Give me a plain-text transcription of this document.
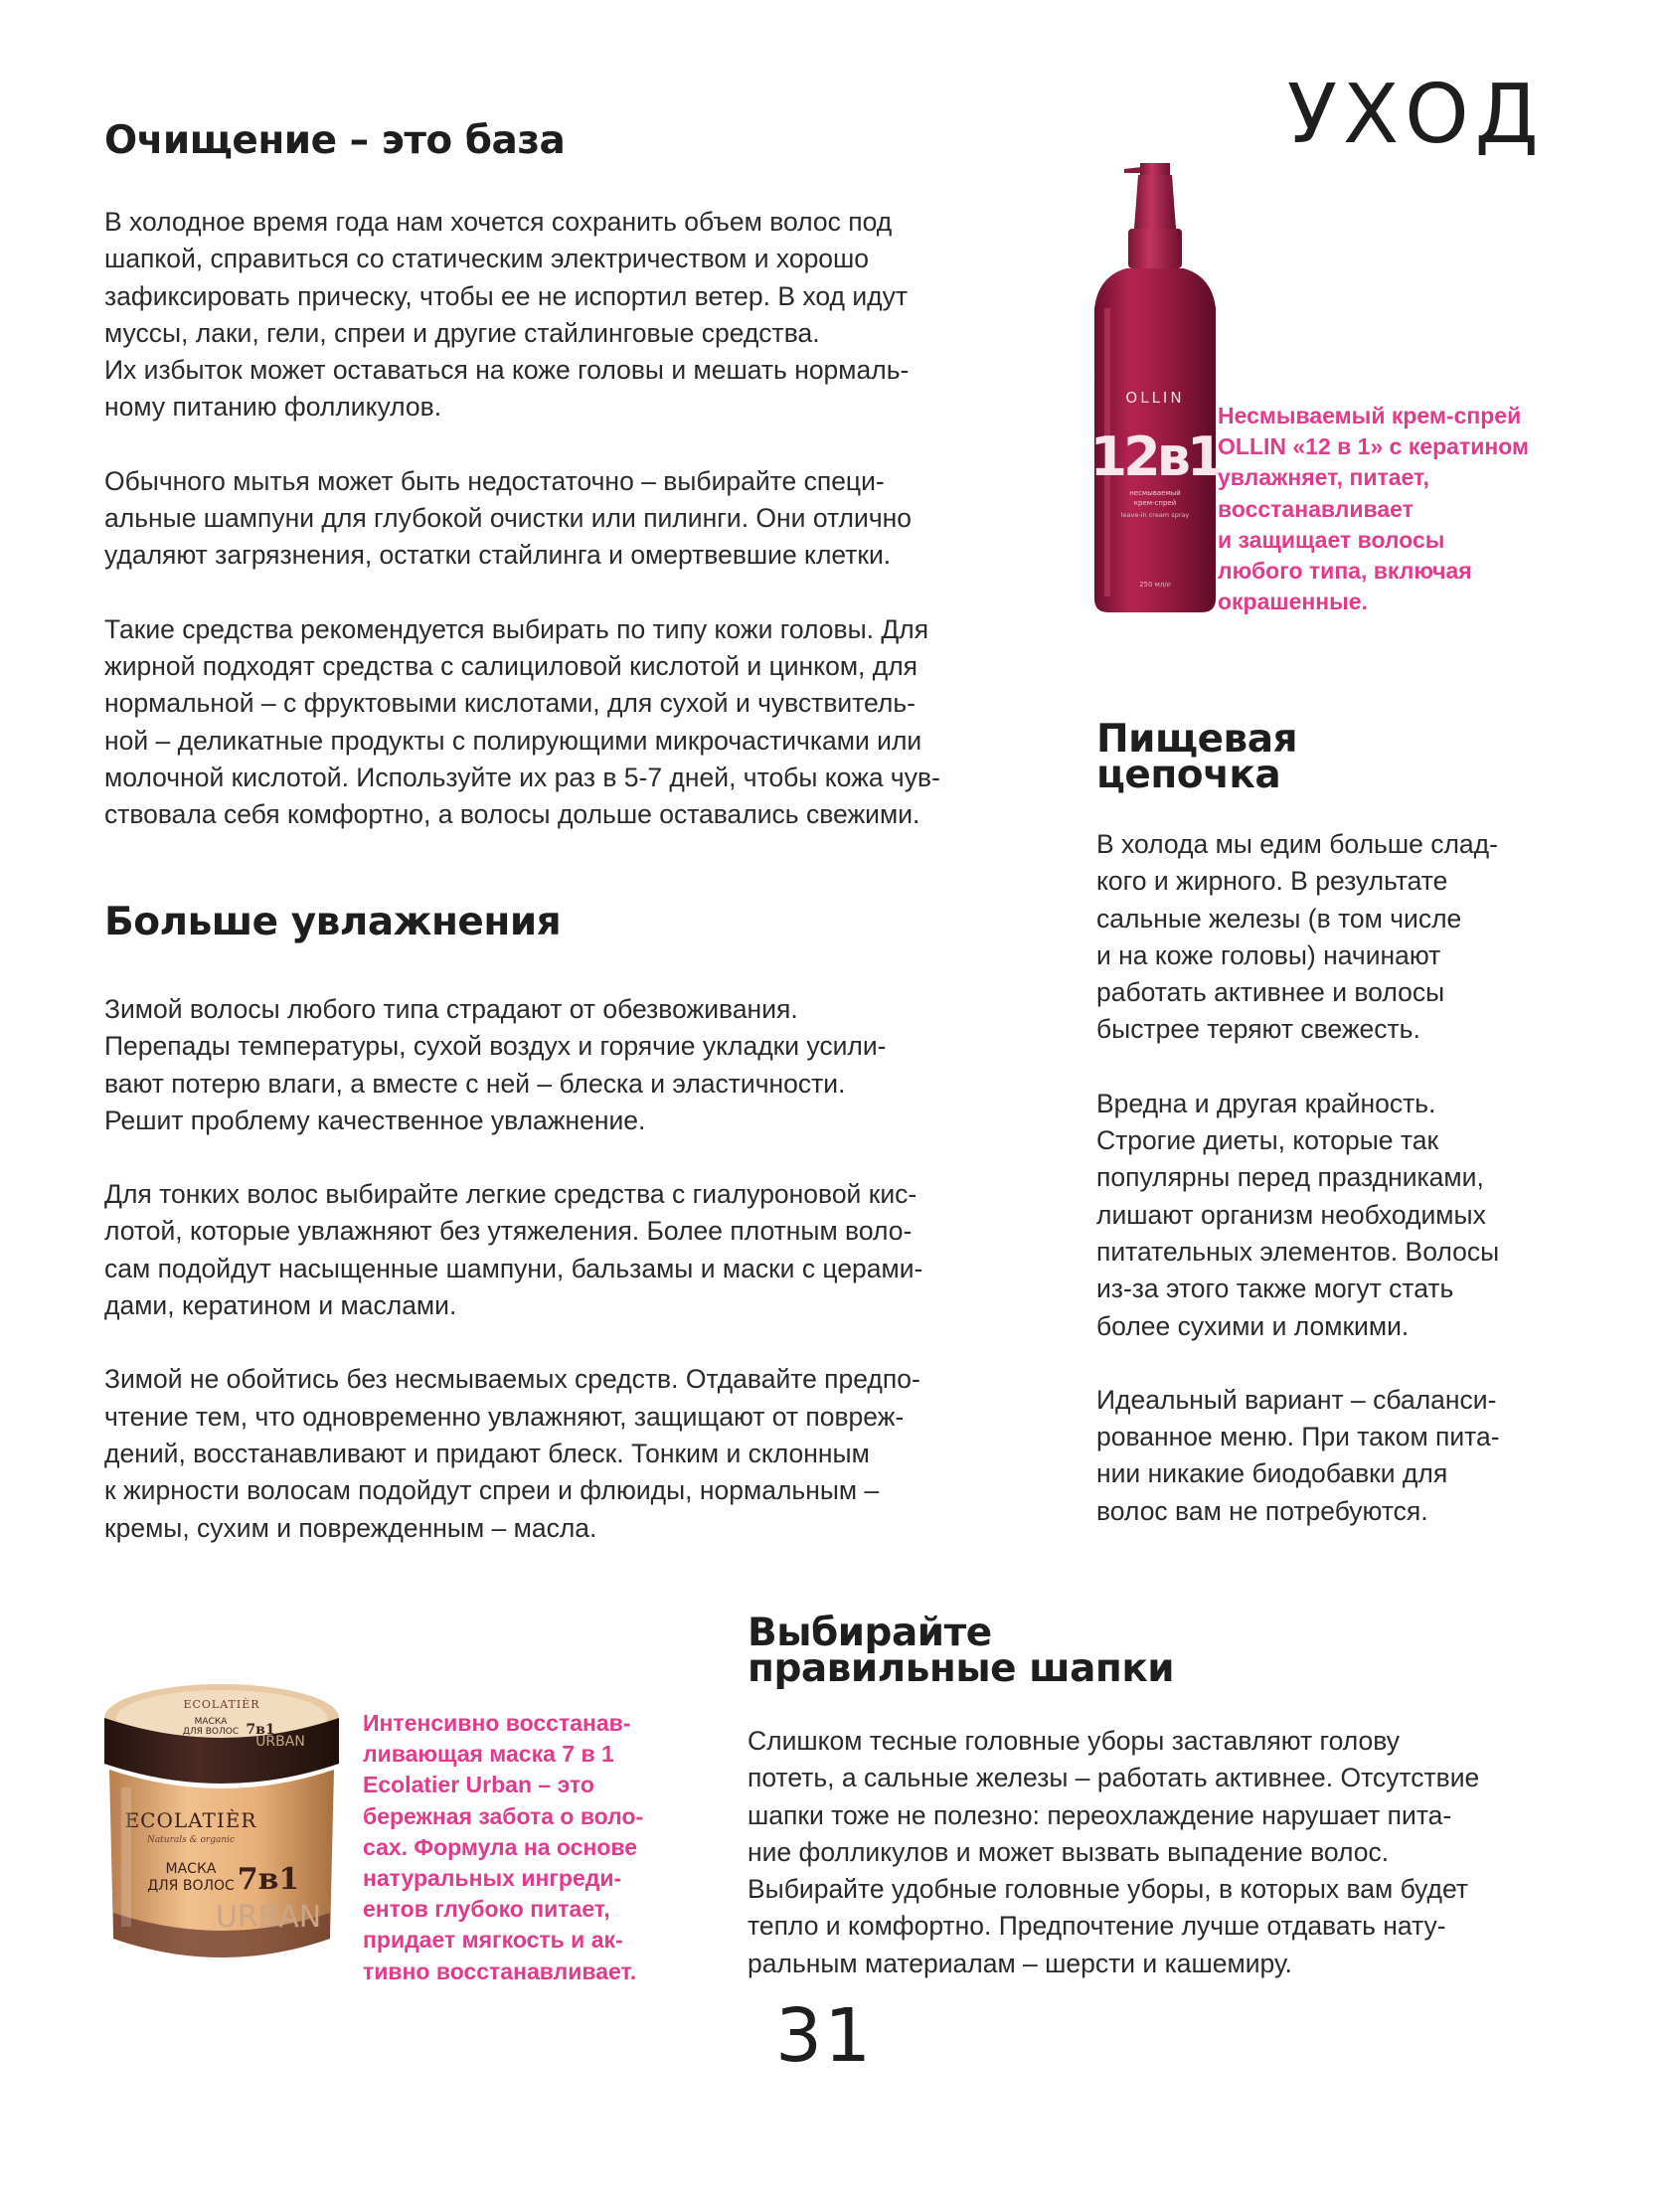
УХОД
Очищение – это база

В холодное время года нам хочется сохранить объем волос под
шапкой, справиться со статическим электричеством и хорошо
зафиксировать прическу, чтобы ее не испортил ветер. В ход идут
муссы, лаки, гели, спреи и другие стайлинговые средства.
Их избыток может оставаться на коже головы и мешать нормаль-
ному питанию фолликулов.

Обычного мытья может быть недостаточно – выбирайте специ-
альные шампуни для глубокой очистки или пилинги. Они отлично
удаляют загрязнения, остатки стайлинга и омертвевшие клетки.

Такие средства рекомендуется выбирать по типу кожи головы. Для
жирной подходят средства с салициловой кислотой и цинком, для
нормальной – с фруктовыми кислотами, для сухой и чувствитель-
ной – деликатные продукты с полирующими микрочастичками или
молочной кислотой. Используйте их раз в 5-7 дней, чтобы кожа чув-
ствовала себя комфортно, а волосы дольше оставались свежими.

Больше увлажнения

Зимой волосы любого типа страдают от обезвоживания.
Перепады температуры, сухой воздух и горячие укладки усили-
вают потерю влаги, а вместе с ней – блеска и эластичности.
Решит проблему качественное увлажнение.

Для тонких волос выбирайте легкие средства с гиалуроновой кис-
лотой, которые увлажняют без утяжеления. Более плотным воло-
сам подойдут насыщенные шампуни, бальзамы и маски с церами-
дами, кератином и маслами.

Зимой не обойтись без несмываемых средств. Отдавайте предпо-
чтение тем, что одновременно увлажняют, защищают от повреж-
дений, восстанавливают и придают блеск. Тонким и склонным
к жирности волосам подойдут спреи и флюиды, нормальным –
кремы, сухим и поврежденным – масла.

OLLIN
12в1
несмываемый
крем-спрей
leave-in cream spray
250 мл/ℯ

Несмываемый крем-спрей
OLLIN «12 в 1» с кератином
увлажняет, питает,
восстанавливает
и защищает волосы
любого типа, включая
окрашенные.

Пищевая
цепочка

В холода мы едим больше слад-
кого и жирного. В результате
сальные железы (в том числе
и на коже головы) начинают
работать активнее и волосы
быстрее теряют свежесть.

Вредна и другая крайность.
Строгие диеты, которые так
популярны перед праздниками,
лишают организм необходимых
питательных элементов. Волосы
из-за этого также могут стать
более сухими и ломкими.

Идеальный вариант – сбаланси-
рованное меню. При таком пита-
нии никакие биодобавки для
волос вам не потребуются.

ECOLATIÈR
МАСКА
ДЛЯ ВОЛОС 7в1
URBAN
ECOLATIÈR
Naturals & organic
МАСКА
ДЛЯ ВОЛОС 7в1
URBAN

Интенсивно восстанав-
ливающая маска 7 в 1
Ecolatier Urban – это
бережная забота о воло-
сах. Формула на основе
натуральных ингреди-
ентов глубоко питает,
придает мягкость и ак-
тивно восстанавливает.

Выбирайте
правильные шапки

Слишком тесные головные уборы заставляют голову
потеть, а сальные железы – работать активнее. Отсутствие
шапки тоже не полезно: переохлаждение нарушает пита-
ние фолликулов и может вызвать выпадение волос.
Выбирайте удобные головные уборы, в которых вам будет
тепло и комфортно. Предпочтение лучше отдавать нату-
ральным материалам – шерсти и кашемиру.

31
